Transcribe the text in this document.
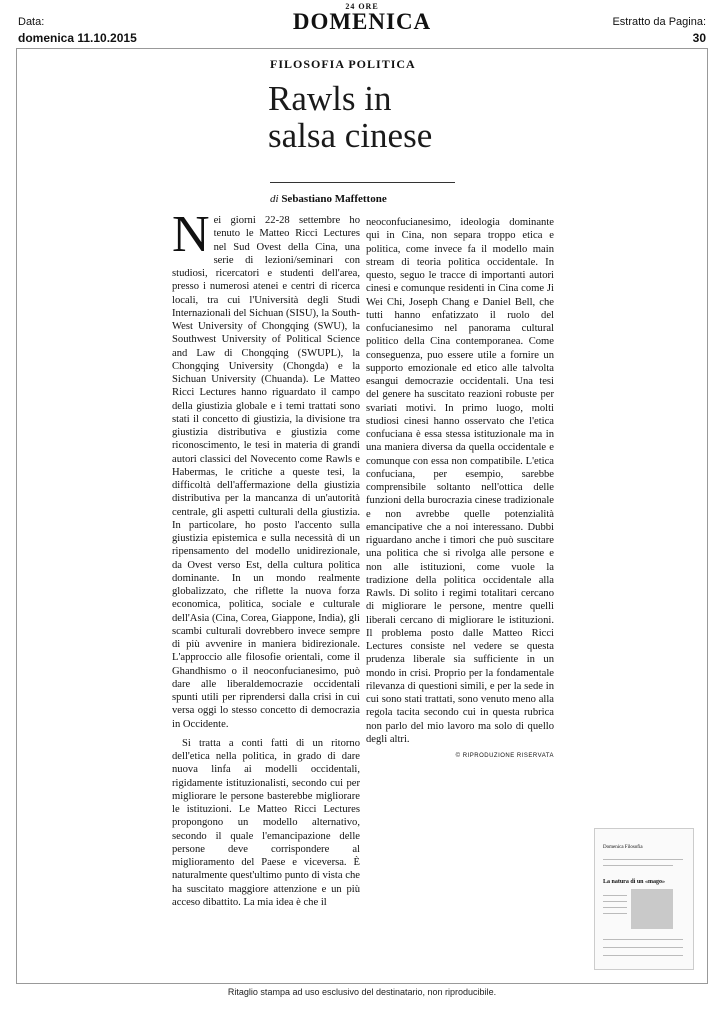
Data:
domenica 11.10.2015
24 ORE
DOMENICA	Estratto da Pagina:
30
FILOSOFIA POLITICA
Rawls in
salsa cinese
di Sebastiano Maffettone

Nei giorni 22-28 settembre ho tenuto le Matteo Ricci Lectures nel Sud Ovest della Cina, una serie di lezioni/seminari con studiosi, ricercatori e studenti dell'area, presso i numerosi atenei e centri di ricerca locali, tra cui l'Università degli Studi Internazionali del Sichuan (SISU), la South-West University of Chongqing (SWU), la Southwest University of Political Science and Law di Chongqing (SWUPL), la Chongqing University (Chongda) e la Sichuan University (Chuanda). Le Matteo Ricci Lectures hanno riguardato il campo della giustizia globale e i temi trattati sono stati il concetto di giustizia, la divisione tra giustizia distributiva e giustizia come riconoscimento, le tesi in materia di grandi autori classici del Novecento come Rawls e Habermas, le critiche a queste tesi, la difficoltà dell'affermazione della giustizia distributiva per la mancanza di un'autorità centrale, gli aspetti culturali della giustizia. In particolare, ho posto l'accento sulla giustizia epistemica e sulla necessità di un ripensamento del modello unidirezionale, da Ovest verso Est, della cultura politica dominante. In un mondo realmente globalizzato, che riflette la nuova forza economica, politica, sociale e culturale dell'Asia (Cina, Corea, Giappone, India), gli scambi culturali dovrebbero invece sempre di più avvenire in maniera bidirezionale. L'approccio alle filosofie orientali, come il Ghandhismo o il neoconfucianesimo, può dare alle liberaldemocrazie occidentali spunti utili per riprendersi dalla crisi in cui versa oggi lo stesso concetto di democrazia in Occidente.

Si tratta a conti fatti di un ritorno dell'etica nella politica, in grado di dare nuova linfa ai modelli occidentali, rigidamente istituzionalisti, secondo cui per migliorare le persone basterebbe migliorare le istituzioni. Le Matteo Ricci Lectures propongono un modello alternativo, secondo il quale l'emancipazione delle persone deve corrispondere al miglioramento del Paese e viceversa. È naturalmente quest'ultimo punto di vista che ha suscitato maggiore attenzione e un più acceso dibattito. La mia idea è che il

neoconfucianesimo, ideologia dominante qui in Cina, non separa troppo etica e politica, come invece fa il modello main stream di teoria politica occidentale. In questo, seguo le tracce di importanti autori cinesi e comunque residenti in Cina come Ji Wei Chi, Joseph Chang e Daniel Bell, che tutti hanno enfatizzato il ruolo del confucianesimo nel panorama cultural politico della Cina contemporanea. Come conseguenza, puo essere utile a fornire un supporto emozionale ed etico alle talvolta esangui democrazie occidentali. Una tesi del genere ha suscitato reazioni robuste per svariati motivi. In primo luogo, molti studiosi cinesi hanno osservato che l'etica confuciana è essa stessa istituzionale ma in una maniera diversa da quella occidentale e comunque con essa non compatibile. L'etica confuciana, per esempio, sarebbe comprensibile soltanto nell'ottica delle funzioni della burocrazia cinese tradizionale e non avrebbe quelle potenzialità emancipative che a noi interessano. Dubbi riguardano anche i timori che può suscitare una politica che si rivolga alle persone e non alle istituzioni, come vuole la tradizione della politica occidentale alla Rawls. Di solito i regimi totalitari cercano di migliorare le persone, mentre quelli liberali cercano di migliorare le istituzioni. Il problema posto dalle Matteo Ricci Lectures consiste nel vedere se questa prudenza liberale sia sufficiente in un mondo in crisi. Proprio per la fondamentale rilevanza di questioni simili, e per la sede in cui sono stati trattati, sono venuto meno alla regola tacita secondo cui in questa rubrica non parlo del mio lavoro ma solo di quello degli altri.

© RIPRODUZIONE RISERVATA
Domenica Filosofia
La natura di un «mago»
Ritaglio stampa ad uso esclusivo del destinatario, non riproducibile.
